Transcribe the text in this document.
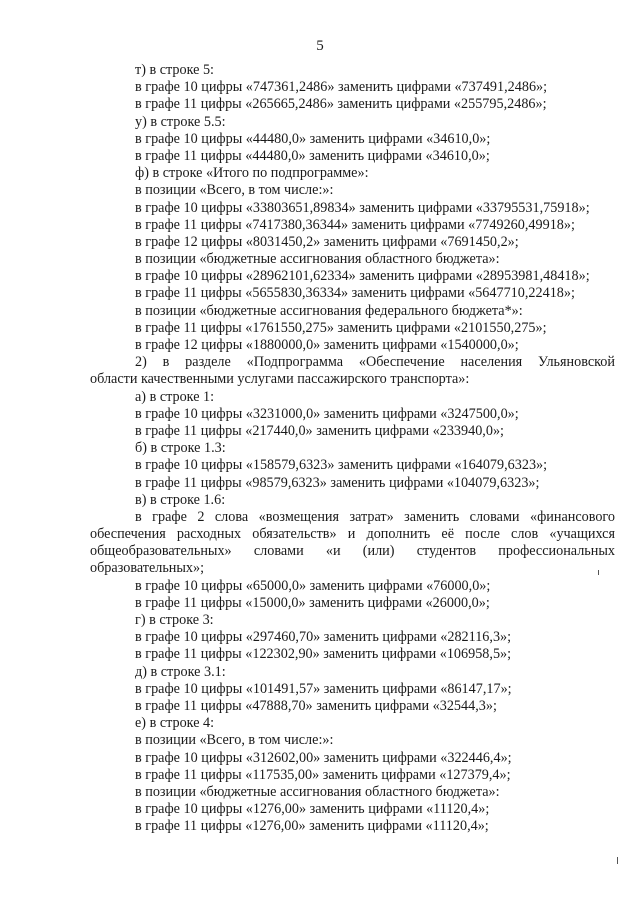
5
т) в строке 5:
в графе 10 цифры «747361,2486» заменить цифрами «737491,2486»;
в графе 11 цифры «265665,2486» заменить цифрами «255795,2486»;
у) в строке 5.5:
в графе 10 цифры «44480,0» заменить цифрами «34610,0»;
в графе 11 цифры «44480,0» заменить цифрами «34610,0»;
ф) в строке «Итого по подпрограмме»:
в позиции «Всего, в том числе:»:
в графе 10 цифры «33803651,89834» заменить цифрами «33795531,75918»;
в графе 11 цифры «7417380,36344» заменить цифрами «7749260,49918»;
в графе 12 цифры «8031450,2» заменить цифрами «7691450,2»;
в позиции «бюджетные ассигнования областного бюджета»:
в графе 10 цифры «28962101,62334» заменить цифрами «28953981,48418»;
в графе 11 цифры «5655830,36334» заменить цифрами «5647710,22418»;
в позиции «бюджетные ассигнования федерального бюджета*»:
в графе 11 цифры «1761550,275» заменить цифрами «2101550,275»;
в графе 12 цифры «1880000,0» заменить цифрами «1540000,0»;
2) в разделе «Подпрограмма «Обеспечение населения Ульяновской
области качественными услугами пассажирского транспорта»:
а) в строке 1:
в графе 10 цифры «3231000,0» заменить цифрами «3247500,0»;
в графе 11 цифры «217440,0» заменить цифрами «233940,0»;
б) в строке 1.3:
в графе 10 цифры «158579,6323» заменить цифрами «164079,6323»;
в графе 11 цифры «98579,6323» заменить цифрами «104079,6323»;
в) в строке 1.6:
в графе 2 слова «возмещения затрат» заменить словами «финансового
обеспечения расходных обязательств» и дополнить её после слов «учащихся
общеобразовательных» словами «и (или) студентов профессиональных
образовательных»;
в графе 10 цифры «65000,0» заменить цифрами «76000,0»;
в графе 11 цифры «15000,0» заменить цифрами «26000,0»;
г) в строке 3:
в графе 10 цифры «297460,70» заменить цифрами «282116,3»;
в графе 11 цифры «122302,90» заменить цифрами «106958,5»;
д) в строке 3.1:
в графе 10 цифры «101491,57» заменить цифрами «86147,17»;
в графе 11 цифры «47888,70» заменить цифрами «32544,3»;
е) в строке 4:
в позиции «Всего, в том числе:»:
в графе 10 цифры «312602,00» заменить цифрами «322446,4»;
в графе 11 цифры «117535,00» заменить цифрами «127379,4»;
в позиции «бюджетные ассигнования областного бюджета»:
в графе 10 цифры «1276,00» заменить цифрами «11120,4»;
в графе 11 цифры «1276,00» заменить цифрами «11120,4»;
